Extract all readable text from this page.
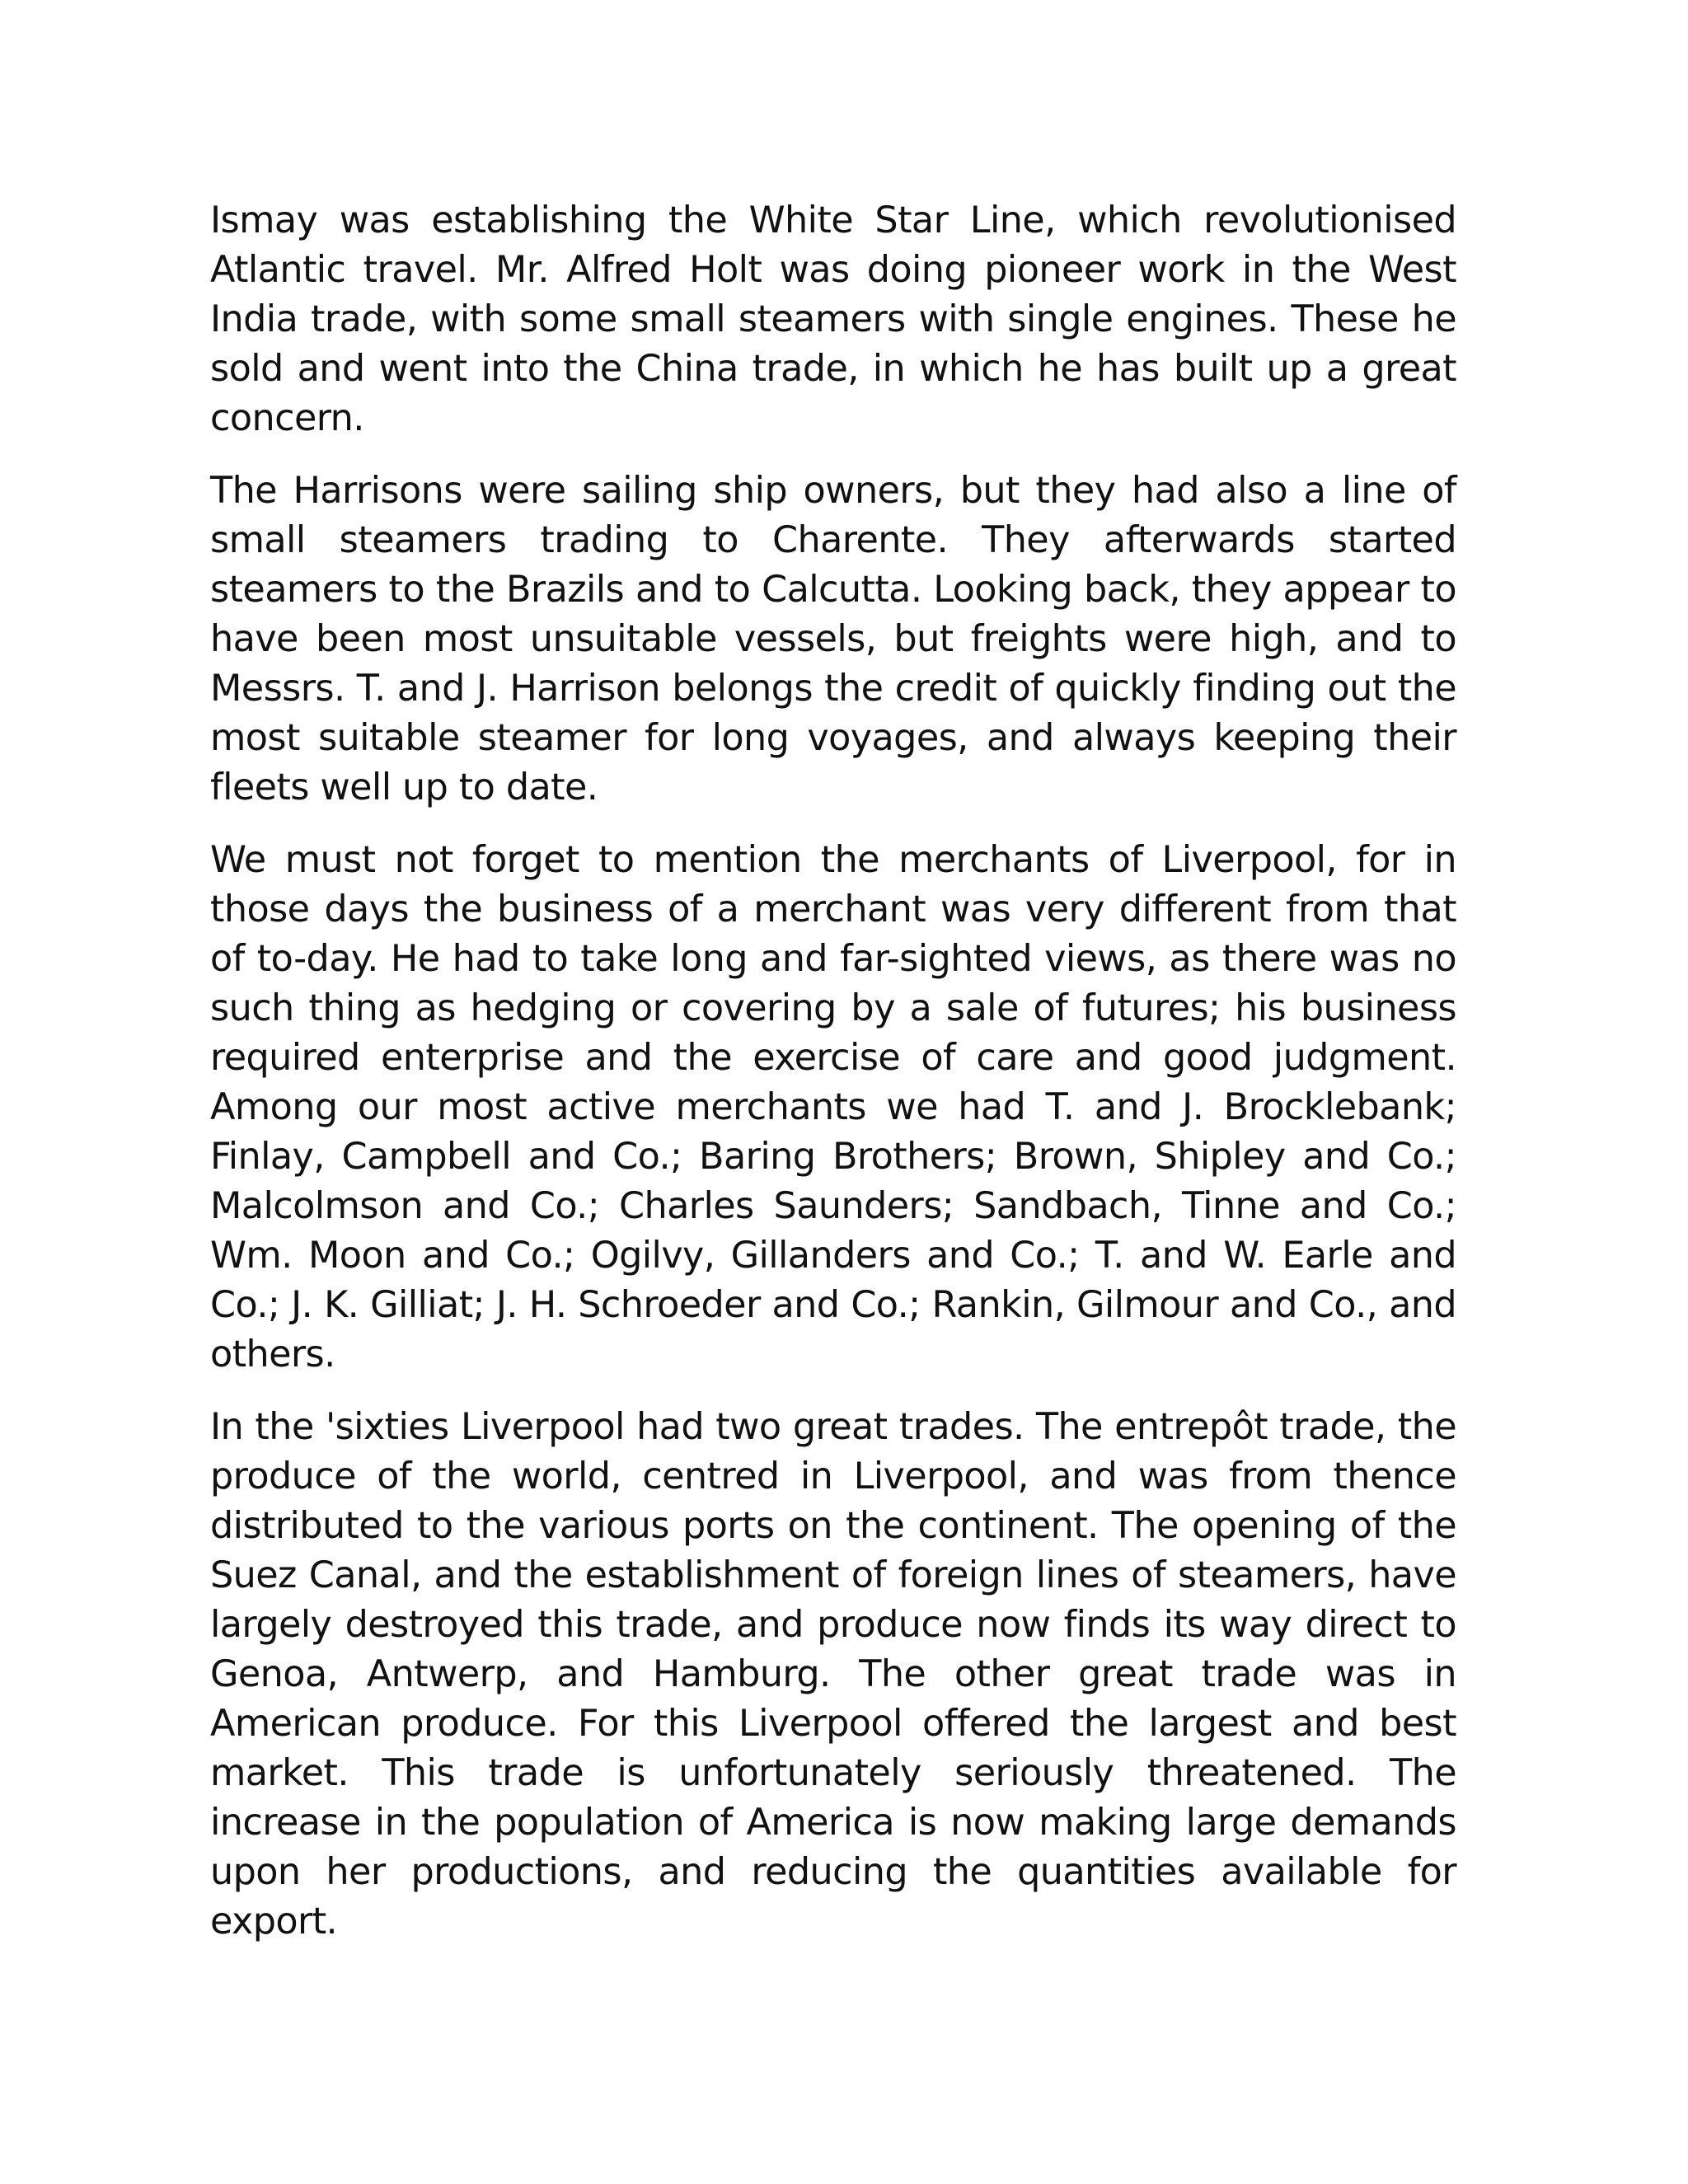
Ismay was establishing the White Star Line, which revolutionised Atlantic travel. Mr. Alfred Holt was doing pioneer work in the West India trade, with some small steamers with single engines. These he sold and went into the China trade, in which he has built up a great concern.

The Harrisons were sailing ship owners, but they had also a line of small steamers trading to Charente. They afterwards started steamers to the Brazils and to Calcutta. Looking back, they appear to have been most unsuitable vessels, but freights were high, and to Messrs. T. and J. Harrison belongs the credit of quickly finding out the most suitable steamer for long voyages, and always keeping their fleets well up to date.

We must not forget to mention the merchants of Liverpool, for in those days the business of a merchant was very different from that of to-day. He had to take long and far-sighted views, as there was no such thing as hedging or covering by a sale of futures; his business required enterprise and the exercise of care and good judgment. Among our most active merchants we had T. and J. Brocklebank; Finlay, Campbell and Co.; Baring Brothers; Brown, Shipley and Co.; Malcolmson and Co.; Charles Saunders; Sandbach, Tinne and Co.; Wm. Moon and Co.; Ogilvy, Gillanders and Co.; T. and W. Earle and Co.; J. K. Gilliat; J. H. Schroeder and Co.; Rankin, Gilmour and Co., and others.

In the 'sixties Liverpool had two great trades. The entrepôt trade, the produce of the world, centred in Liverpool, and was from thence distributed to the various ports on the continent. The opening of the Suez Canal, and the establishment of foreign lines of steamers, have largely destroyed this trade, and produce now finds its way direct to Genoa, Antwerp, and Hamburg. The other great trade was in American produce. For this Liverpool offered the largest and best market. This trade is unfortunately seriously threatened. The increase in the population of America is now making large demands upon her productions, and reducing the quantities available for export.
